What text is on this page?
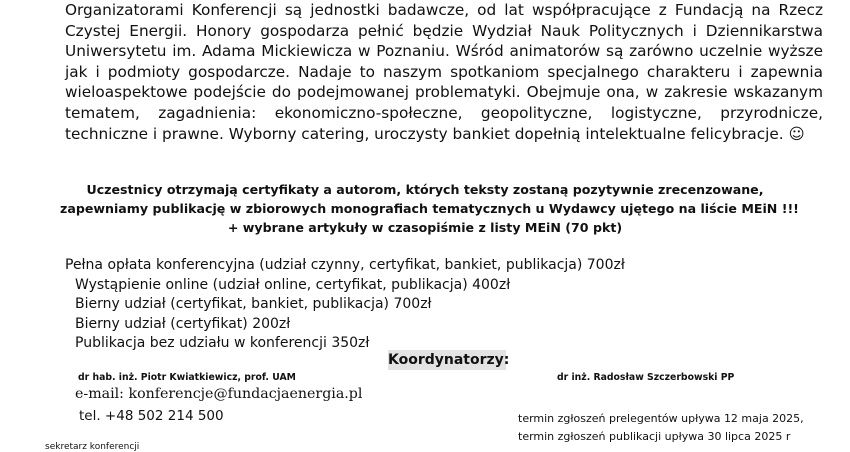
Organizatorami Konferencji są jednostki badawcze, od lat współpracujące z Fundacją na Rzecz Czystej Energii. Honory gospodarza pełnić będzie Wydział Nauk Politycznych i Dziennikarstwa Uniwersytetu im. Adama Mickiewicza w Poznaniu. Wśród animatorów są zarówno uczelnie wyższe jak i podmioty gospodarcze. Nadaje to naszym spotkaniom specjalnego charakteru i zapewnia wieloaspektowe podejście do podejmowanej problematyki. Obejmuje ona, w zakresie wskazanym tematem, zagadnienia: ekonomiczno-społeczne, geopolityczne, logistyczne, przyrodnicze, techniczne i prawne. Wyborny catering, uroczysty bankiet dopełnią intelektualne felicybracje. ☺

Uczestnicy otrzymają certyfikaty a autorom, których teksty zostaną pozytywnie zrecenzowane,
zapewniamy publikację w zbiorowych monografiach tematycznych u Wydawcy ujętego na liście MEiN !!!
+ wybrane artykuły w czasopiśmie z listy MEiN (70 pkt)
Pełna opłata konferencyjna (udział czynny, certyfikat, bankiet, publikacja) 700zł
Wystąpienie online (udział online, certyfikat, publikacja) 400zł
Bierny udział (certyfikat, bankiet, publikacja) 700zł
Bierny udział (certyfikat) 200zł
Publikacja bez udziału w konferencji 350zł
Koordynatorzy:
dr hab. inż. Piotr Kwiatkiewicz, prof. UAM	dr inż. Radosław Szczerbowski PP
e-mail: konferencje@fundacjaenergia.pl
tel. +48 502 214 500	termin zgłoszeń prelegentów upływa 12 maja 2025,
termin zgłoszeń publikacji upływa 30 lipca 2025 r
sekretarz konferencji
